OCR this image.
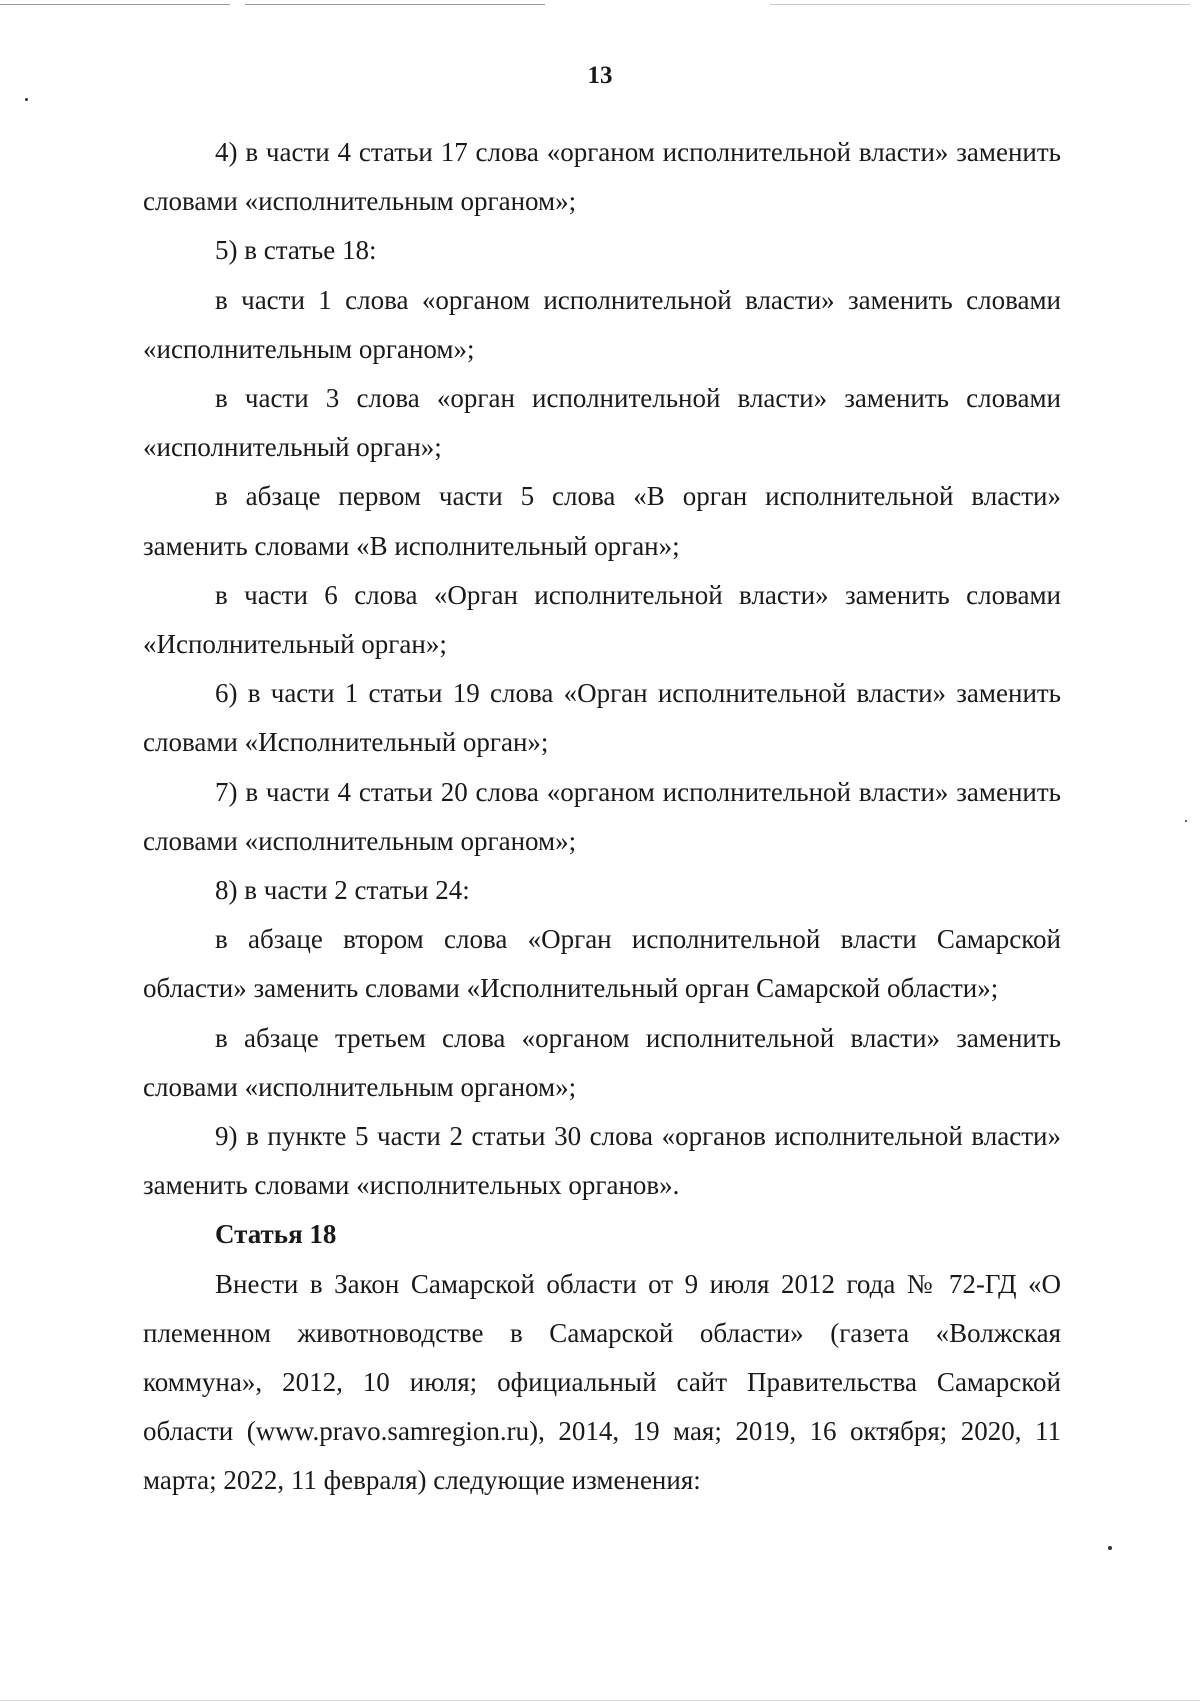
13

4) в части 4 статьи 17 слова «органом исполнительной власти» заменить словами «исполнительным органом»;

5) в статье 18:

в части 1 слова «органом исполнительной власти» заменить словами «исполнительным органом»;

в части 3 слова «орган исполнительной власти» заменить словами «исполнительный орган»;

в абзаце первом части 5 слова «В орган исполнительной власти» заменить словами «В исполнительный орган»;

в части 6 слова «Орган исполнительной власти» заменить словами «Исполнительный орган»;

6) в части 1 статьи 19 слова «Орган исполнительной власти» заменить словами «Исполнительный орган»;

7) в части 4 статьи 20 слова «органом исполнительной власти» заменить словами «исполнительным органом»;

8) в части 2 статьи 24:

в абзаце втором слова «Орган исполнительной власти Самарской области» заменить словами «Исполнительный орган Самарской области»;

в абзаце третьем слова «органом исполнительной власти» заменить словами «исполнительным органом»;

9) в пункте 5 части 2 статьи 30 слова «органов исполнительной власти» заменить словами «исполнительных органов».

Статья 18

Внести в Закон Самарской области от 9 июля 2012 года № 72-ГД «О племенном животноводстве в Самарской области» (газета «Волжская коммуна», 2012, 10 июля; официальный сайт Правительства Самарской области (www.pravo.samregion.ru), 2014, 19 мая; 2019, 16 октября; 2020, 11 марта; 2022, 11 февраля) следующие изменения:
